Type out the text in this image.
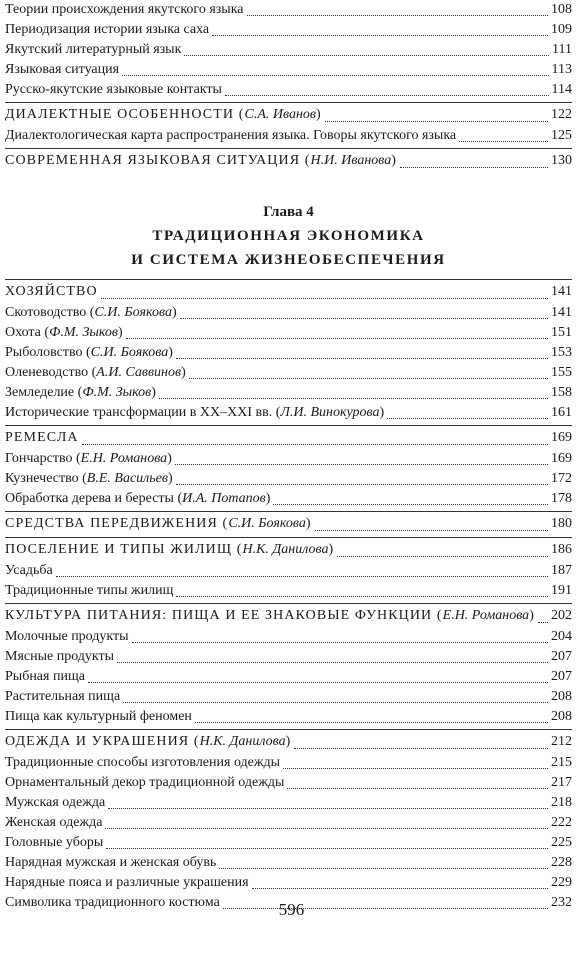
Теории происхождения якутского языка	108
Периодизация истории языка саха	109
Якутский литературный язык	111
Языковая ситуация	113
Русско-якутские языковые контакты	114
ДИАЛЕКТНЫЕ ОСОБЕННОСТИ (С.А. Иванов)	122
Диалектологическая карта распространения языка. Говоры якутского языка	125
СОВРЕМЕННАЯ ЯЗЫКОВАЯ СИТУАЦИЯ (Н.И. Иванова)	130
Глава 4
ТРАДИЦИОННАЯ ЭКОНОМИКА
И СИСТЕМА ЖИЗНЕОБЕСПЕЧЕНИЯ
ХОЗЯЙСТВО	141
Скотоводство (С.И. Боякова)	141
Охота (Ф.М. Зыков)	151
Рыболовство (С.И. Боякова)	153
Оленеводство (А.И. Саввинов)	155
Земледелие (Ф.М. Зыков)	158
Исторические трансформации в XX–XXI вв. (Л.И. Винокурова)	161
РЕМЕСЛА	169
Гончарство (Е.Н. Романова)	169
Кузнечество (В.Е. Васильев)	172
Обработка дерева и бересты (И.А. Потапов)	178
СРЕДСТВА ПЕРЕДВИЖЕНИЯ (С.И. Боякова)	180
ПОСЕЛЕНИЕ И ТИПЫ ЖИЛИЩ (Н.К. Данилова)	186
Усадьба	187
Традиционные типы жилищ	191
КУЛЬТУРА ПИТАНИЯ: ПИЩА И ЕЕ ЗНАКОВЫЕ ФУНКЦИИ (Е.Н. Романова) 202
Молочные продукты	204
Мясные продукты	207
Рыбная пища	207
Растительная пища	208
Пища как культурный феномен	208
ОДЕЖДА И УКРАШЕНИЯ (Н.К. Данилова)	212
Традиционные способы изготовления одежды	215
Орнаментальный декор традиционной одежды	217
Мужская одежда	218
Женская одежда	222
Головные уборы	225
Нарядная мужская и женская обувь	228
Нарядные пояса и различные украшения	229
Символика традиционного костюма	232
596
